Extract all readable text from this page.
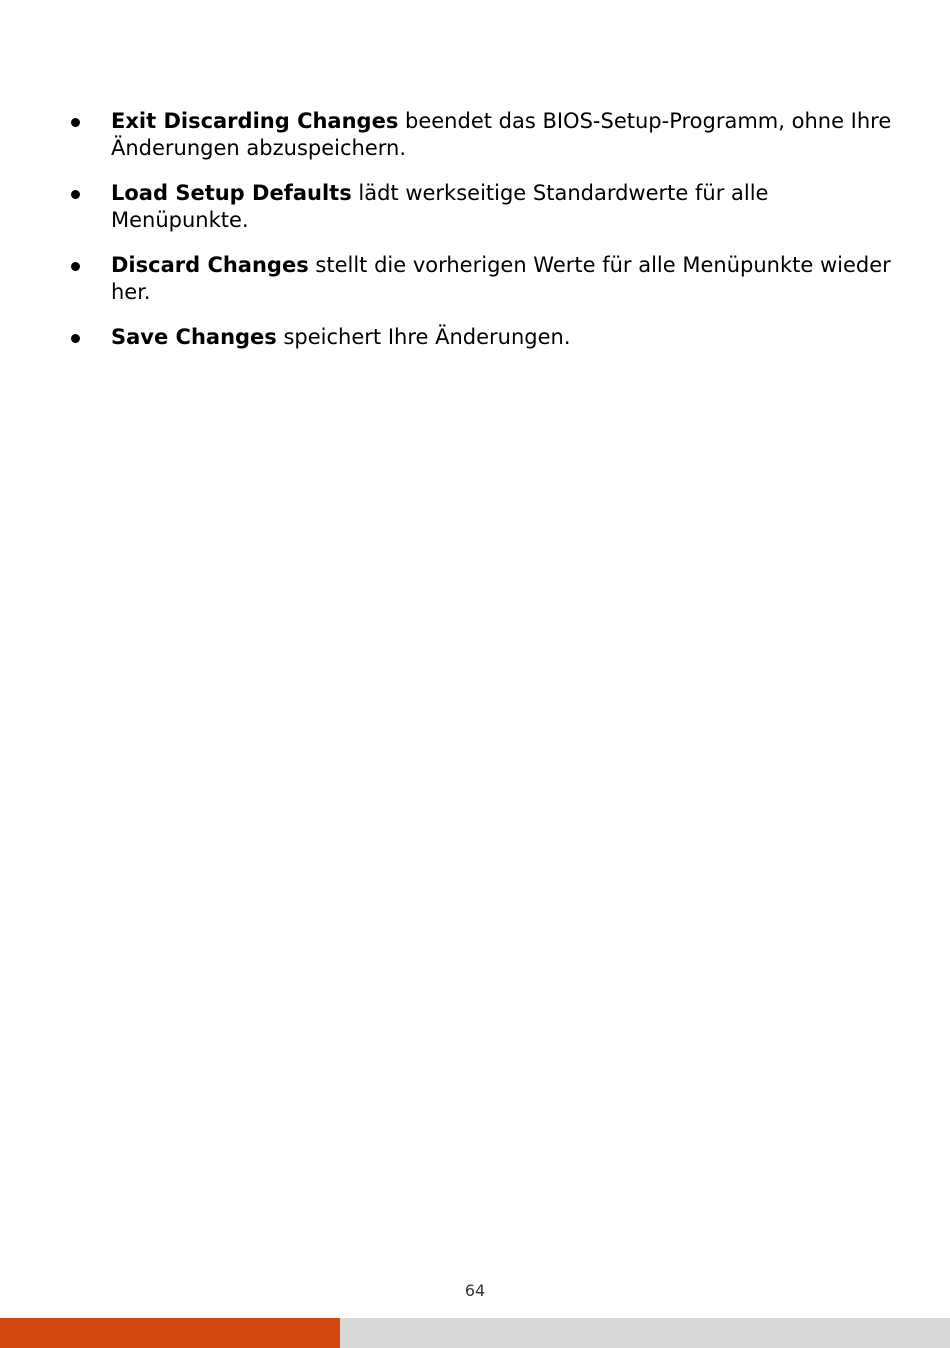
Exit Discarding Changes beendet das BIOS-Setup-Programm, ohne Ihre Änderungen abzuspeichern.
Load Setup Defaults lädt werkseitige Standardwerte für alle Menüpunkte.
Discard Changes stellt die vorherigen Werte für alle Menüpunkte wieder her.
Save Changes speichert Ihre Änderungen.
64
